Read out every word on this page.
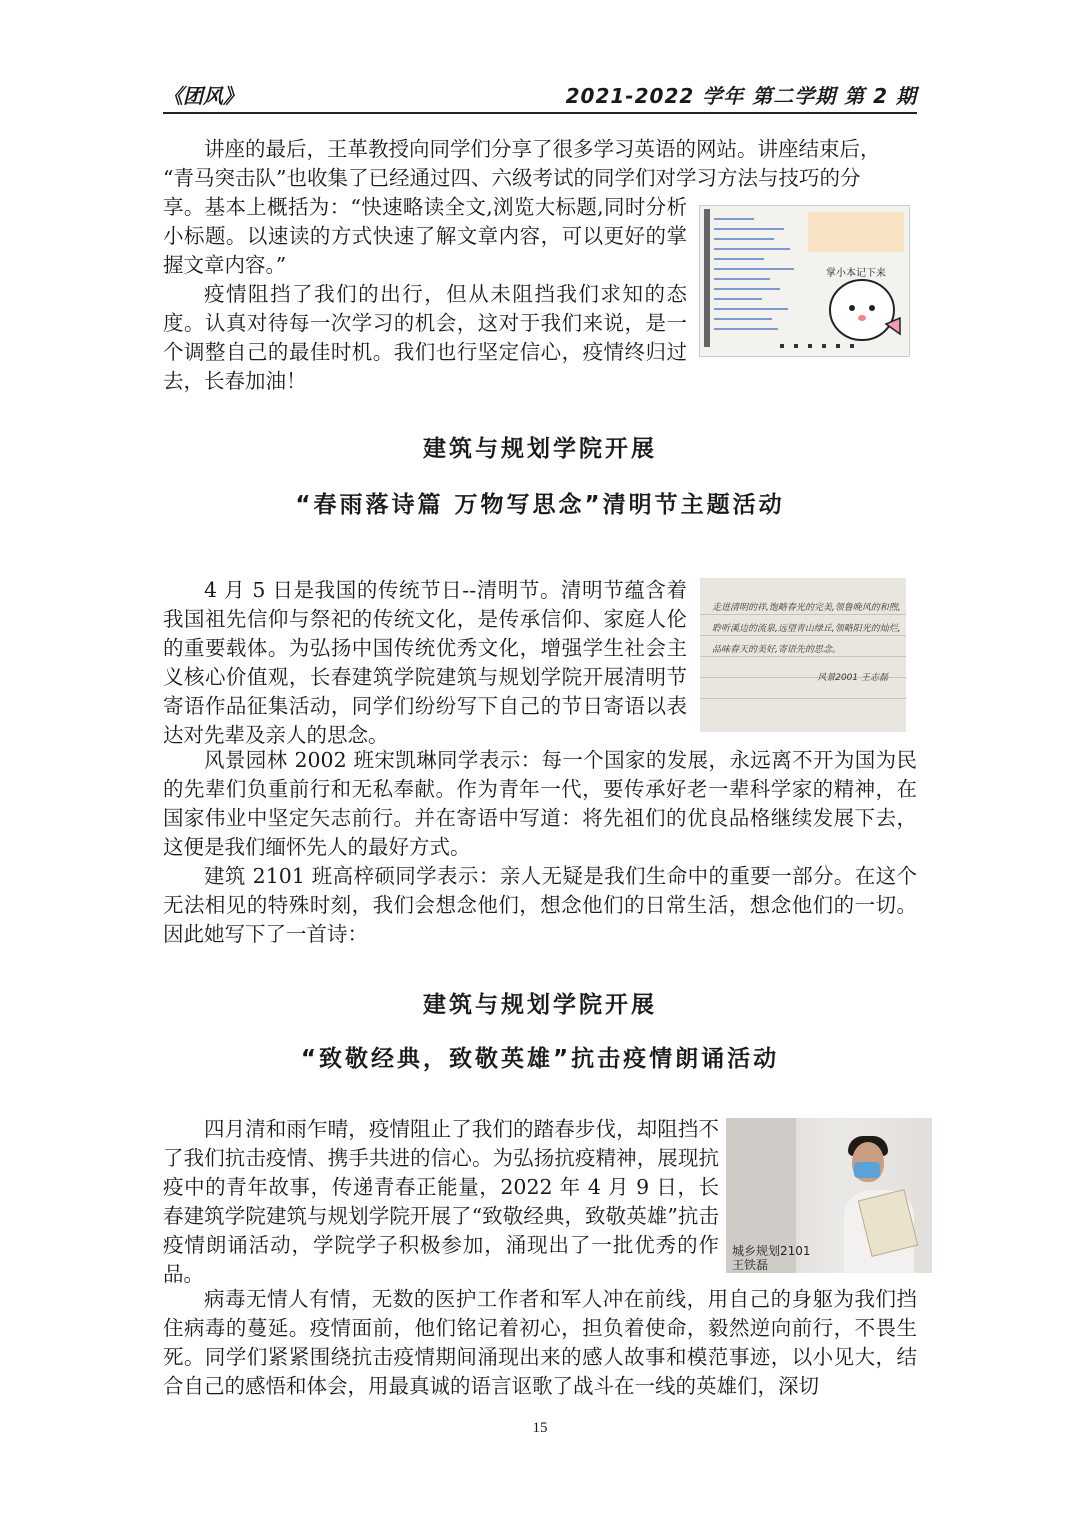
《团风》	2021-2022 学年 第二学期 第 2 期

讲座的最后，王革教授向同学们分享了很多学习英语的网站。讲座结束后，

“青马突击队”也收集了已经通过四、六级考试的同学们对学习方法与技巧的分

享。基本上概括为：“快速略读全文,浏览大标题,同时分析小标题。以速读的方式快速了解文章内容，可以更好的掌握文章内容。”

疫情阻挡了我们的出行，但从未阻挡我们求知的态度。认真对待每一次学习的机会，这对于我们来说，是一个调整自己的最佳时机。我们也行坚定信心，疫情终归过去，长春加油！

掌小本记下来
建筑与规划学院开展
“春雨落诗篇 万物写思念”清明节主题活动

4 月 5 日是我国的传统节日--清明节。清明节蕴含着我国祖先信仰与祭祀的传统文化，是传承信仰、家庭人伦的重要载体。为弘扬中国传统优秀文化，增强学生社会主义核心价值观，长春建筑学院建筑与规划学院开展清明节寄语作品征集活动，同学们纷纷写下自己的节日寄语以表达对先辈及亲人的思念。

走进清明的祥,饱略春光的完美,领鲁晚风的和煦,聆听溪边的流泉,远望青山绿丘,领略阳光的灿烂,品味春天的美好,寄语先的思念。
风景2001 王志磊

风景园林 2002 班宋凯琳同学表示：每一个国家的发展，永远离不开为国为民的先辈们负重前行和无私奉献。作为青年一代，要传承好老一辈科学家的精神，在国家伟业中坚定矢志前行。并在寄语中写道：将先祖们的优良品格继续发展下去，这便是我们缅怀先人的最好方式。

建筑 2101 班高梓硕同学表示：亲人无疑是我们生命中的重要一部分。在这个无法相见的特殊时刻，我们会想念他们，想念他们的日常生活，想念他们的一切。因此她写下了一首诗：

建筑与规划学院开展
“致敬经典，致敬英雄”抗击疫情朗诵活动

四月清和雨乍晴，疫情阻止了我们的踏春步伐，却阻挡不了我们抗击疫情、携手共进的信心。为弘扬抗疫精神，展现抗疫中的青年故事，传递青春正能量，2022 年 4 月 9 日，长春建筑学院建筑与规划学院开展了“致敬经典，致敬英雄”抗击疫情朗诵活动，学院学子积极参加，涌现出了一批优秀的作品。

城乡规划2101
王铁磊

病毒无情人有情，无数的医护工作者和军人冲在前线，用自己的身躯为我们挡住病毒的蔓延。疫情面前，他们铭记着初心，担负着使命，毅然逆向前行，不畏生死。同学们紧紧围绕抗击疫情期间涌现出来的感人故事和模范事迹，以小见大，结合自己的感悟和体会，用最真诚的语言讴歌了战斗在一线的英雄们，深切

15
